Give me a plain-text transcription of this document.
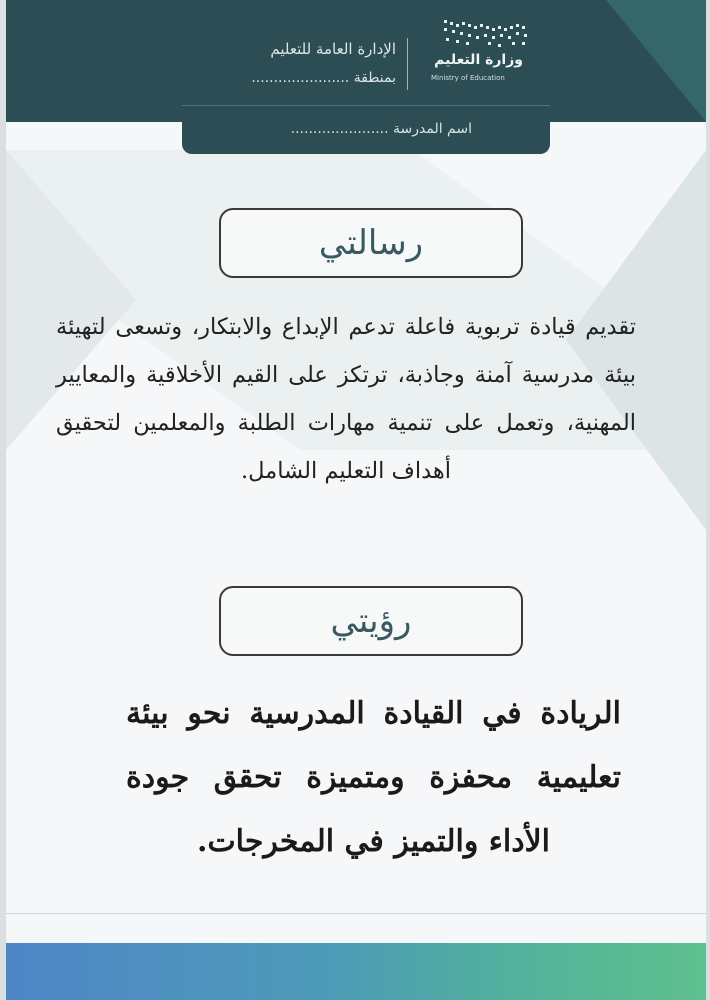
وزارة التعليم
Ministry of Education
الإدارة العامة للتعليم
بمنطقة ......................
اسم المدرسة ......................
رسالتي
تقديم قيادة تربوية فاعلة تدعم الإبداع والابتكار، وتسعى لتهيئة بيئة مدرسية آمنة وجاذبة، ترتكز على القيم الأخلاقية والمعايير المهنية، وتعمل على تنمية مهارات الطلبة والمعلمين لتحقيق أهداف التعليم الشامل.
رؤيتي
الريادة في القيادة المدرسية نحو بيئة تعليمية محفزة ومتميزة تحقق جودة الأداء والتميز في المخرجات.
